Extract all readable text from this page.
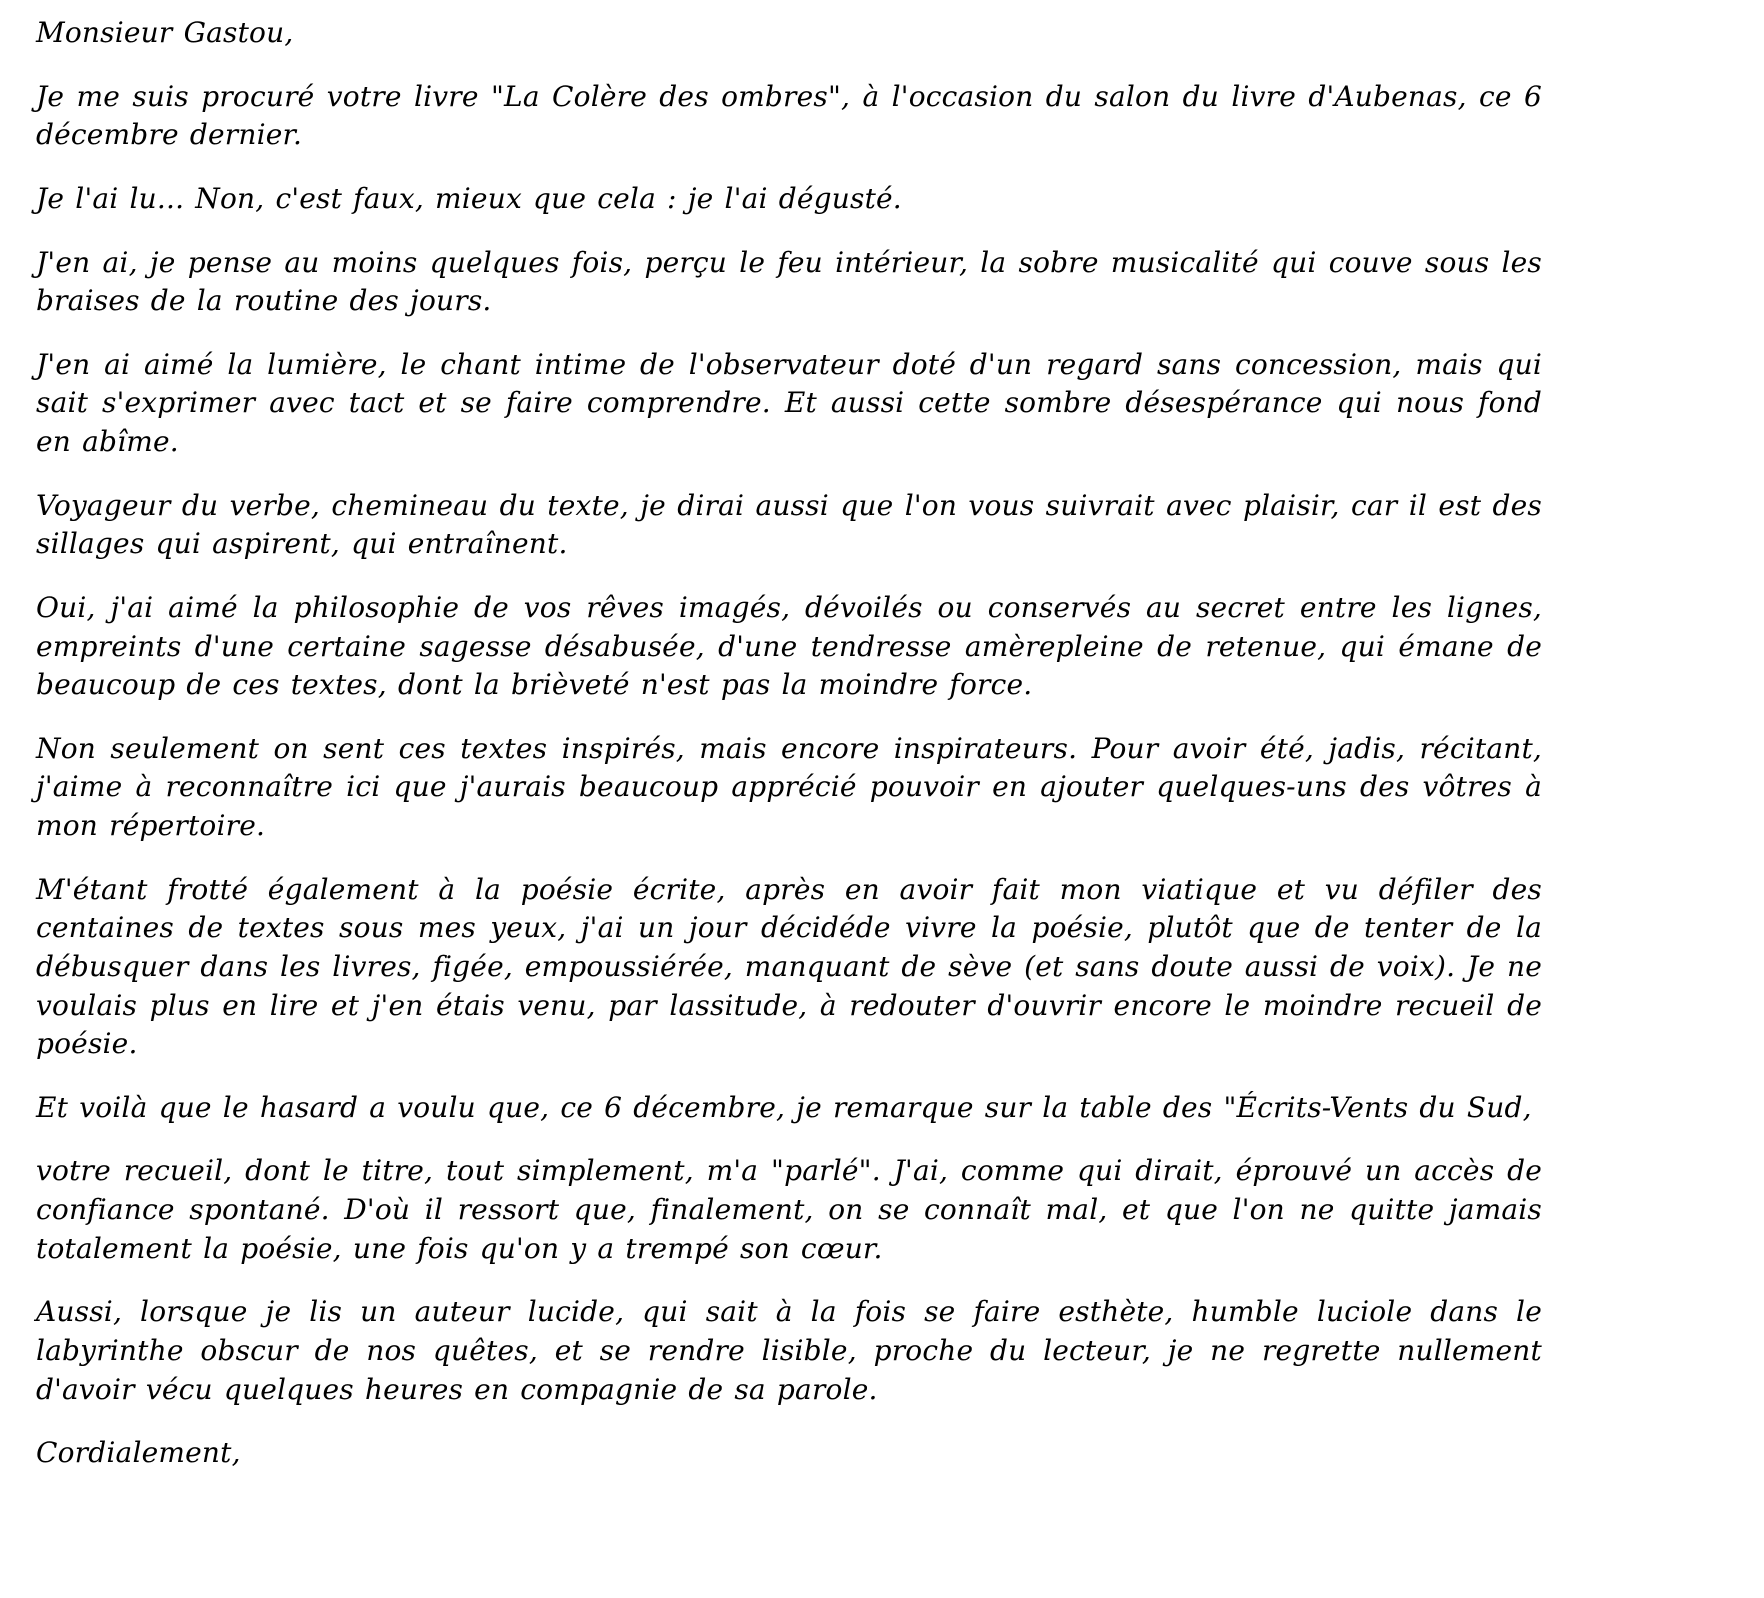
Monsieur Gastou,

Je me suis procuré votre livre "La Colère des ombres", à l'occasion du salon du livre d'Aubenas, ce 6 décembre dernier.

Je l'ai lu... Non, c'est faux, mieux que cela : je l'ai dégusté.

J'en ai, je pense au moins quelques fois, perçu le feu intérieur, la sobre musicalité qui couve sous les braises de la routine des jours.

J'en ai aimé la lumière, le chant intime de l'observateur doté d'un regard sans concession, mais qui sait s'exprimer avec tact et se faire comprendre. Et aussi cette sombre désespérance qui nous fond en abîme.

Voyageur du verbe, chemineau du texte, je dirai aussi que l'on vous suivrait avec plaisir, car il est des sillages qui aspirent, qui entraînent.

Oui, j'ai aimé la philosophie de vos rêves imagés, dévoilés ou conservés au secret entre les lignes, empreints d'une certaine sagesse désabusée, d'une tendresse amèrepleine de retenue, qui émane de beaucoup de ces textes, dont la brièveté n'est pas la moindre force.

Non seulement on sent ces textes inspirés, mais encore inspirateurs. Pour avoir été, jadis, récitant, j'aime à reconnaître ici que j'aurais beaucoup apprécié pouvoir en ajouter quelques-uns des vôtres à mon répertoire.

M'étant frotté également à la poésie écrite, après en avoir fait mon viatique et vu défiler des centaines de textes sous mes yeux, j'ai un jour décidéde vivre la poésie, plutôt que de tenter de la débusquer dans les livres, figée, empoussiérée, manquant de sève (et sans doute aussi de voix). Je ne voulais plus en lire et j'en étais venu, par lassitude, à redouter d'ouvrir encore le moindre recueil de poésie.

Et voilà que le hasard a voulu que, ce 6 décembre, je remarque sur la table des "Écrits-Vents du Sud,

votre recueil, dont le titre, tout simplement, m'a "parlé". J'ai, comme qui dirait, éprouvé un accès de confiance spontané. D'où il ressort que, finalement, on se connaît mal, et que l'on ne quitte jamais totalement la poésie, une fois qu'on y a trempé son cœur.

Aussi, lorsque je lis un auteur lucide, qui sait à la fois se faire esthète, humble luciole dans le labyrinthe obscur de nos quêtes, et se rendre lisible, proche du lecteur, je ne regrette nullement d'avoir vécu quelques heures en compagnie de sa parole.

Cordialement,
